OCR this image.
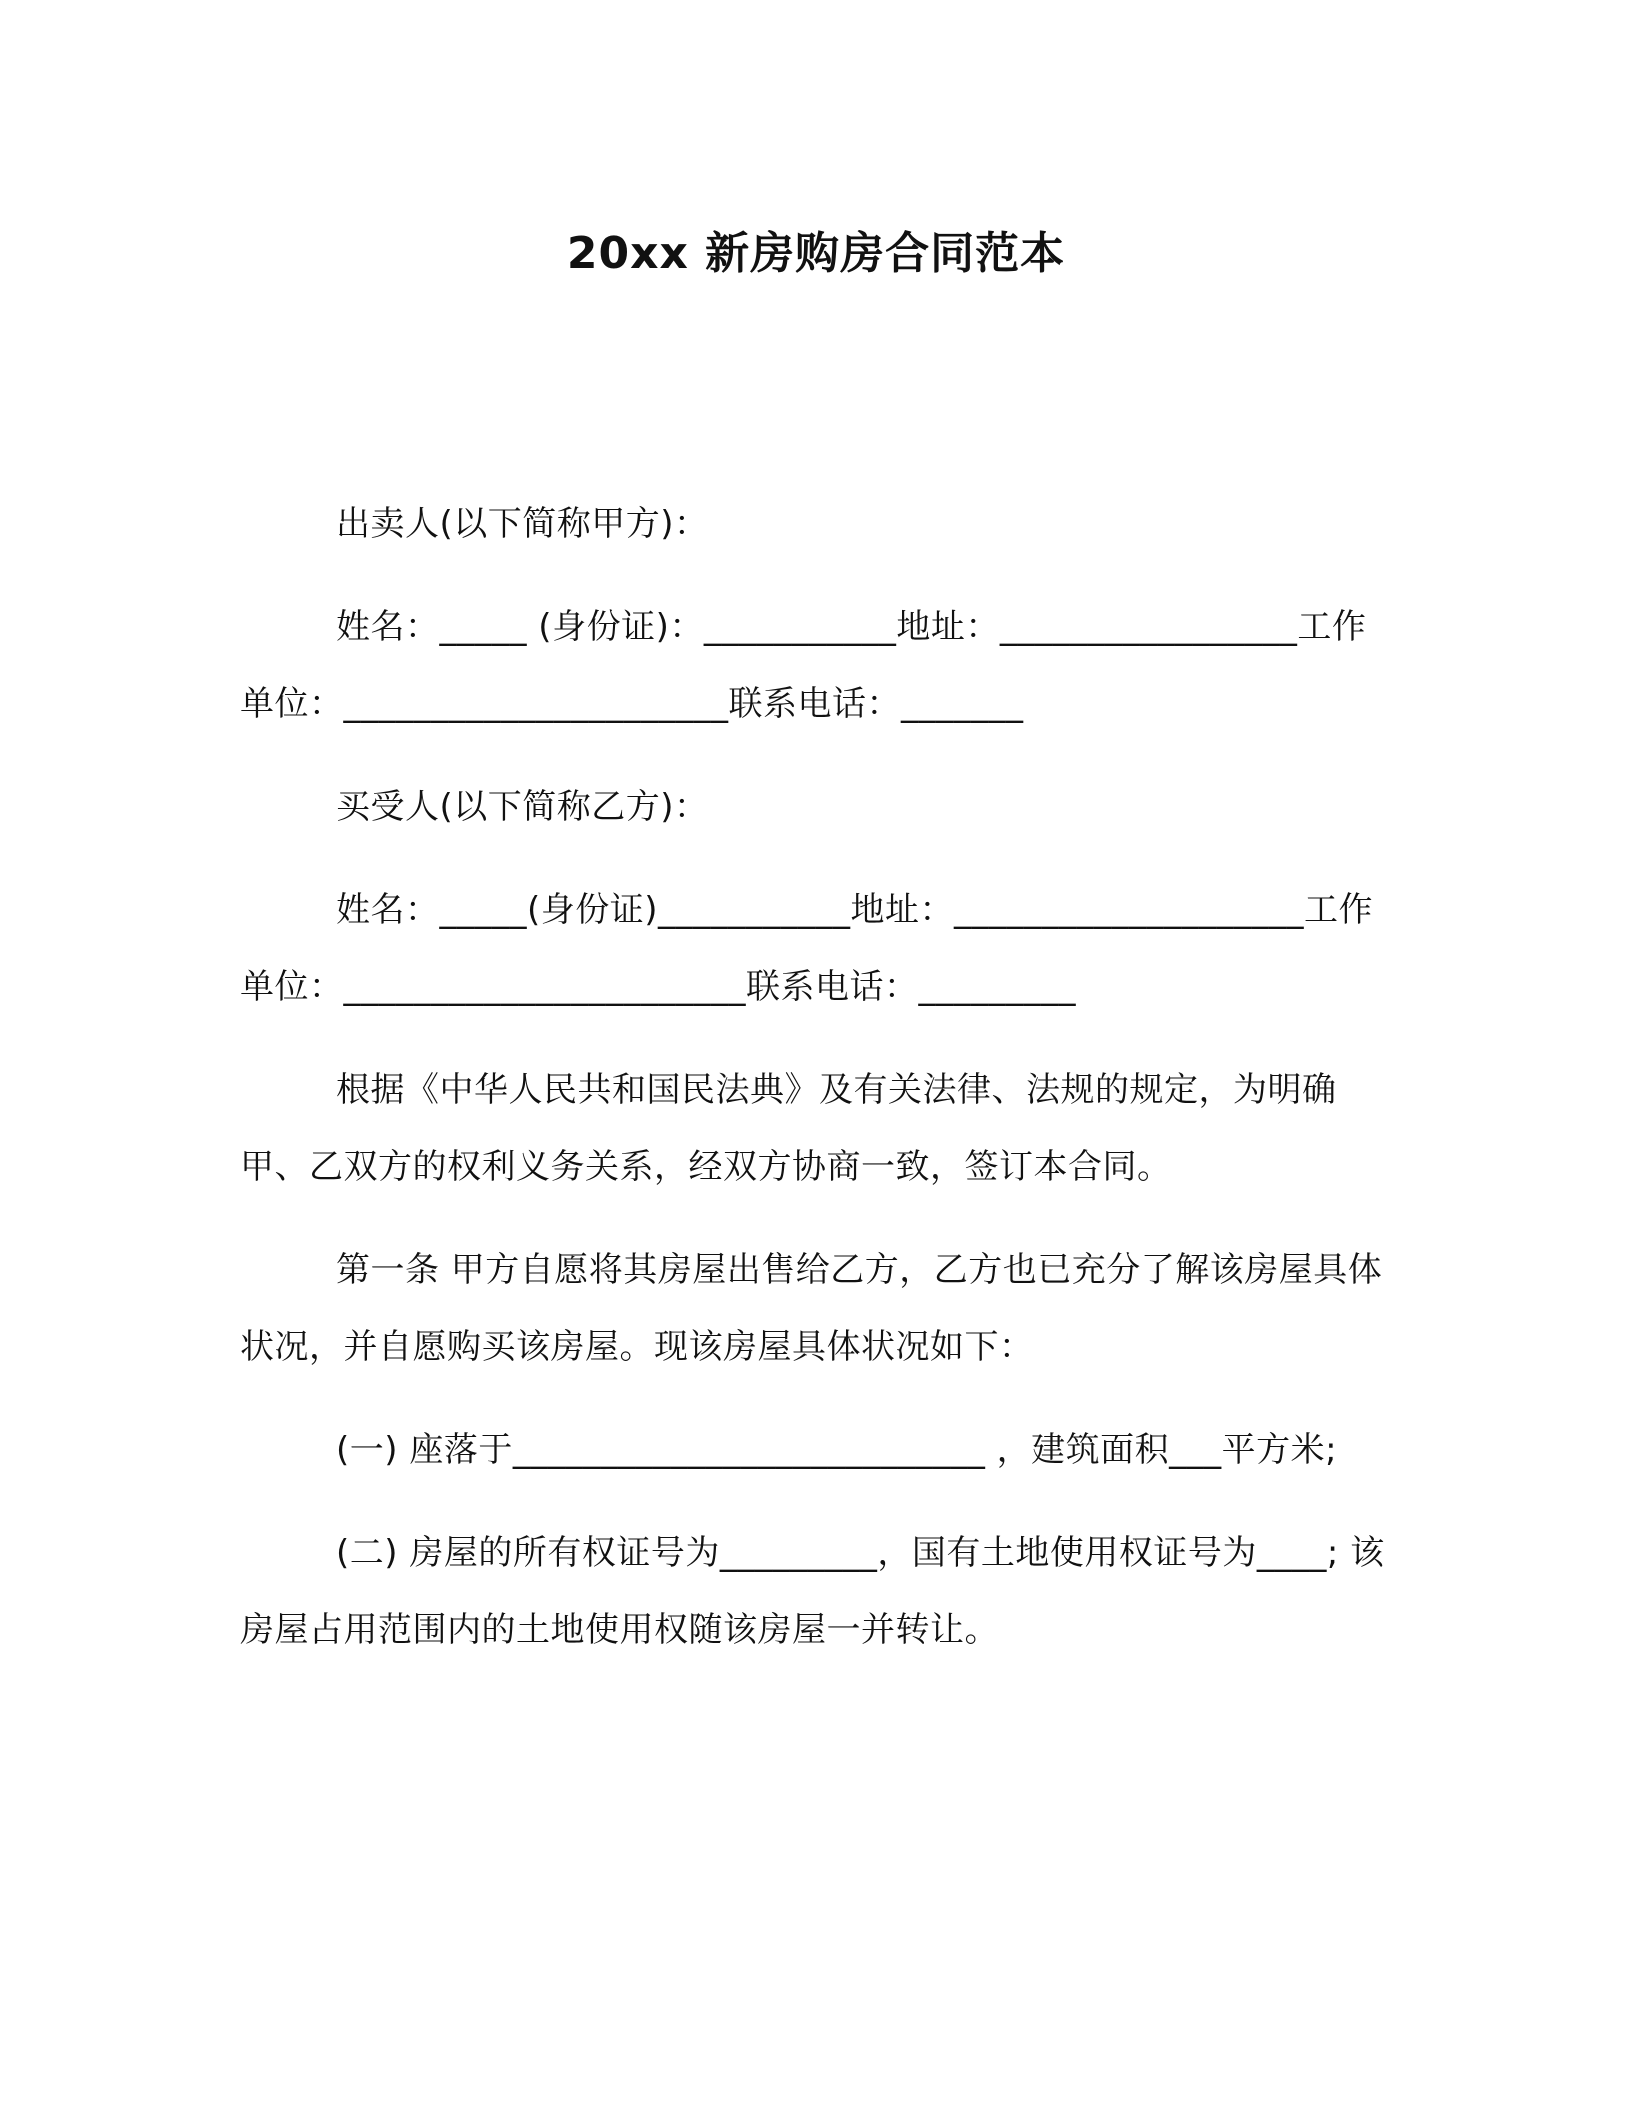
20xx 新房购房合同范本

出卖人(以下简称甲方)：

姓名：_____ (身份证)：___________地址：_________________工作单位：______________________联系电话：_______

买受人(以下简称乙方)：

姓名：_____(身份证)___________地址：____________________工作单位：_______________________联系电话：_________

根据《中华人民共和国民法典》及有关法律、法规的规定，为明确甲、乙双方的权利义务关系，经双方协商一致，签订本合同。

第一条 甲方自愿将其房屋出售给乙方，乙方也已充分了解该房屋具体状况，并自愿购买该房屋。现该房屋具体状况如下：

(一) 座落于___________________________ ，建筑面积___平方米;

(二) 房屋的所有权证号为_________，国有土地使用权证号为____; 该房屋占用范围内的土地使用权随该房屋一并转让。
